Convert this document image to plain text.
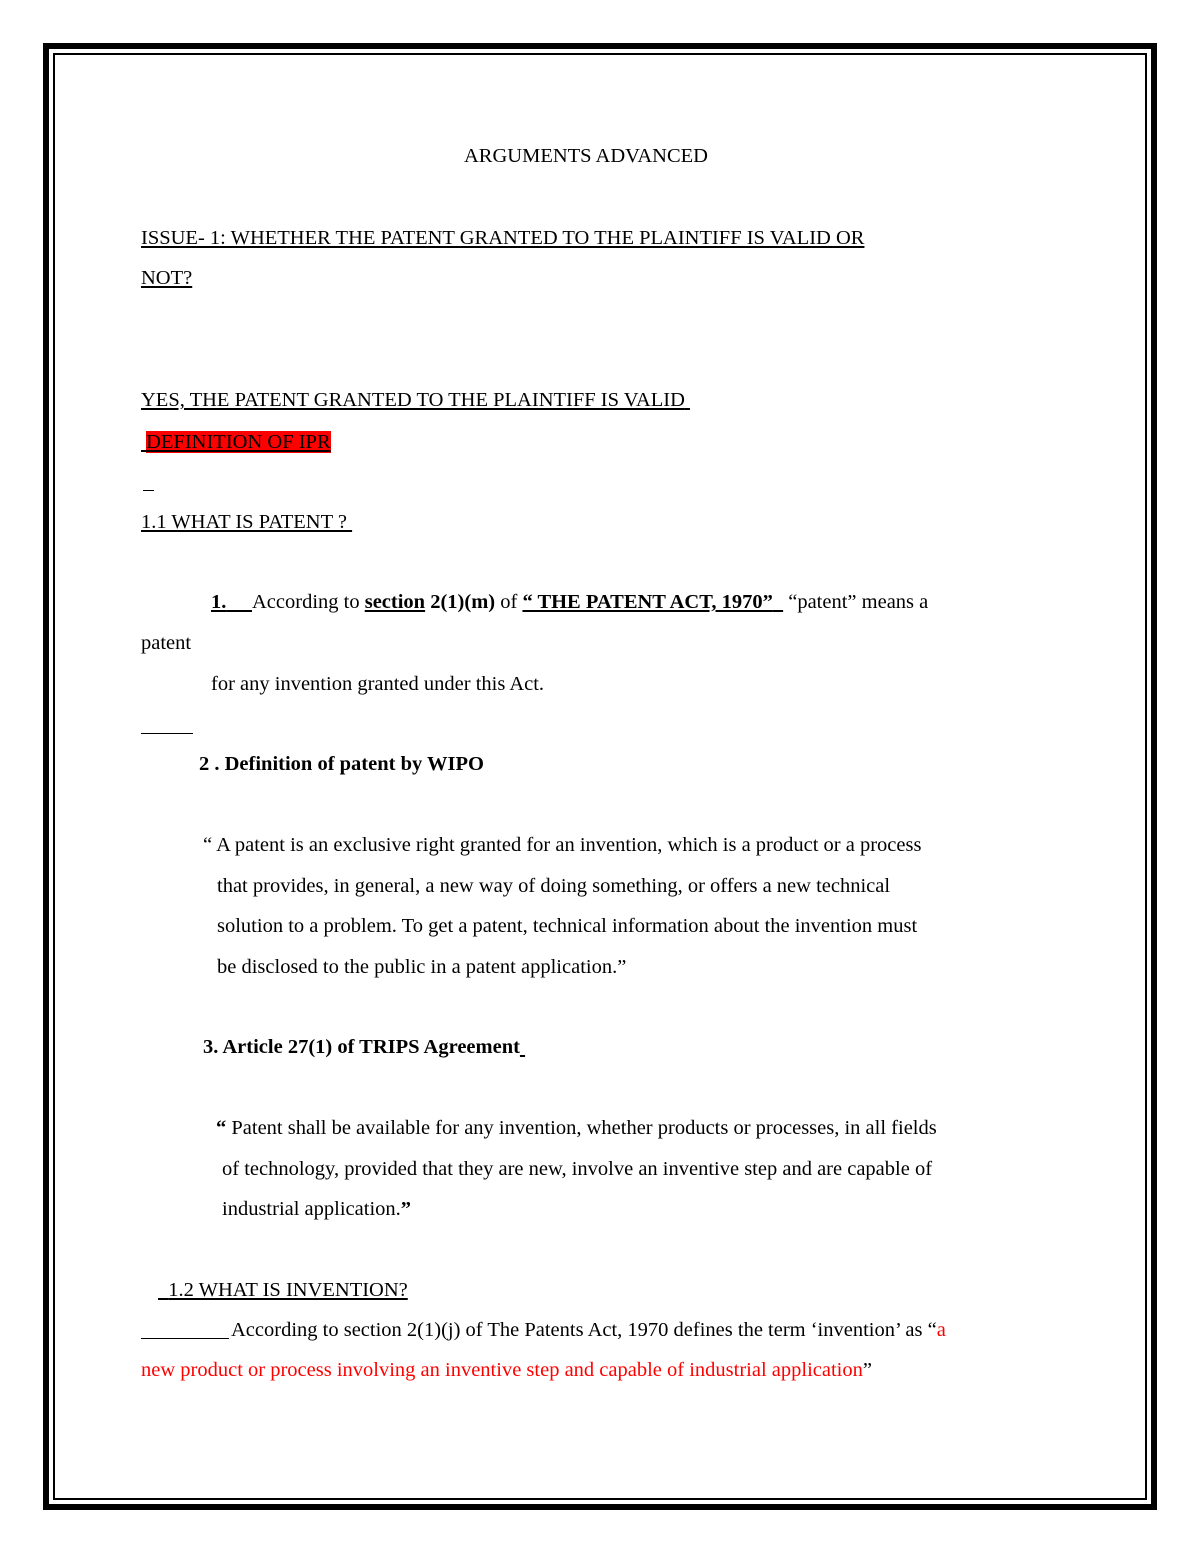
ARGUMENTS ADVANCED
ISSUE- 1: WHETHER THE PATENT GRANTED TO THE PLAINTIFF IS VALID OR
NOT?
YES, THE PATENT GRANTED TO THE PLAINTIFF IS VALID
DEFINITION OF IPR
1.1 WHAT IS PATENT ?
1. According to section 2(1)(m) of “ THE PATENT ACT, 1970”   “patent” means a
patent
for any invention granted under this Act.
2 . Definition of patent by WIPO
“ A patent is an exclusive right granted for an invention, which is a product or a process
that provides, in general, a new way of doing something, or offers a new technical
solution to a problem. To get a patent, technical information about the invention must
be disclosed to the public in a patent application.”
3. Article 27(1) of TRIPS Agreement
“ Patent shall be available for any invention, whether products or processes, in all fields
of technology, provided that they are new, involve an inventive step and are capable of
industrial application.”
1.2 WHAT IS INVENTION?
According to section 2(1)(j) of The Patents Act, 1970 defines the term ‘invention’ as “a
new product or process involving an inventive step and capable of industrial application”
